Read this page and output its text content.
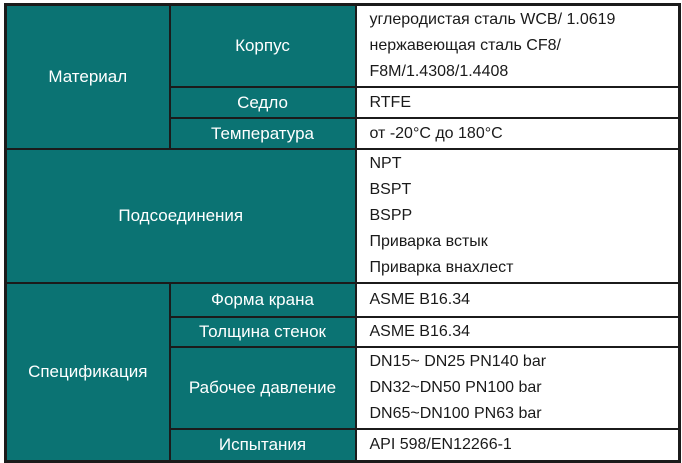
Материал	Корпус	углеродистая сталь WCB/ 1.0619
нержавеющая сталь CF8/
F8M/1.4308/1.4408

	Седло	RTFE

	Температура	от -20°C до 180°C

Подсоединения		NPT
BSPT
BSPP
Приварка встык
Приварка внахлест

Спецификация	Форма крана	ASME B16.34

	Толщина стенок	ASME B16.34

	Рабочее давление	DN15~ DN25 PN140 bar
DN32~DN50 PN100 bar
DN65~DN100 PN63 bar

	Испытания	API 598/EN12266-1
